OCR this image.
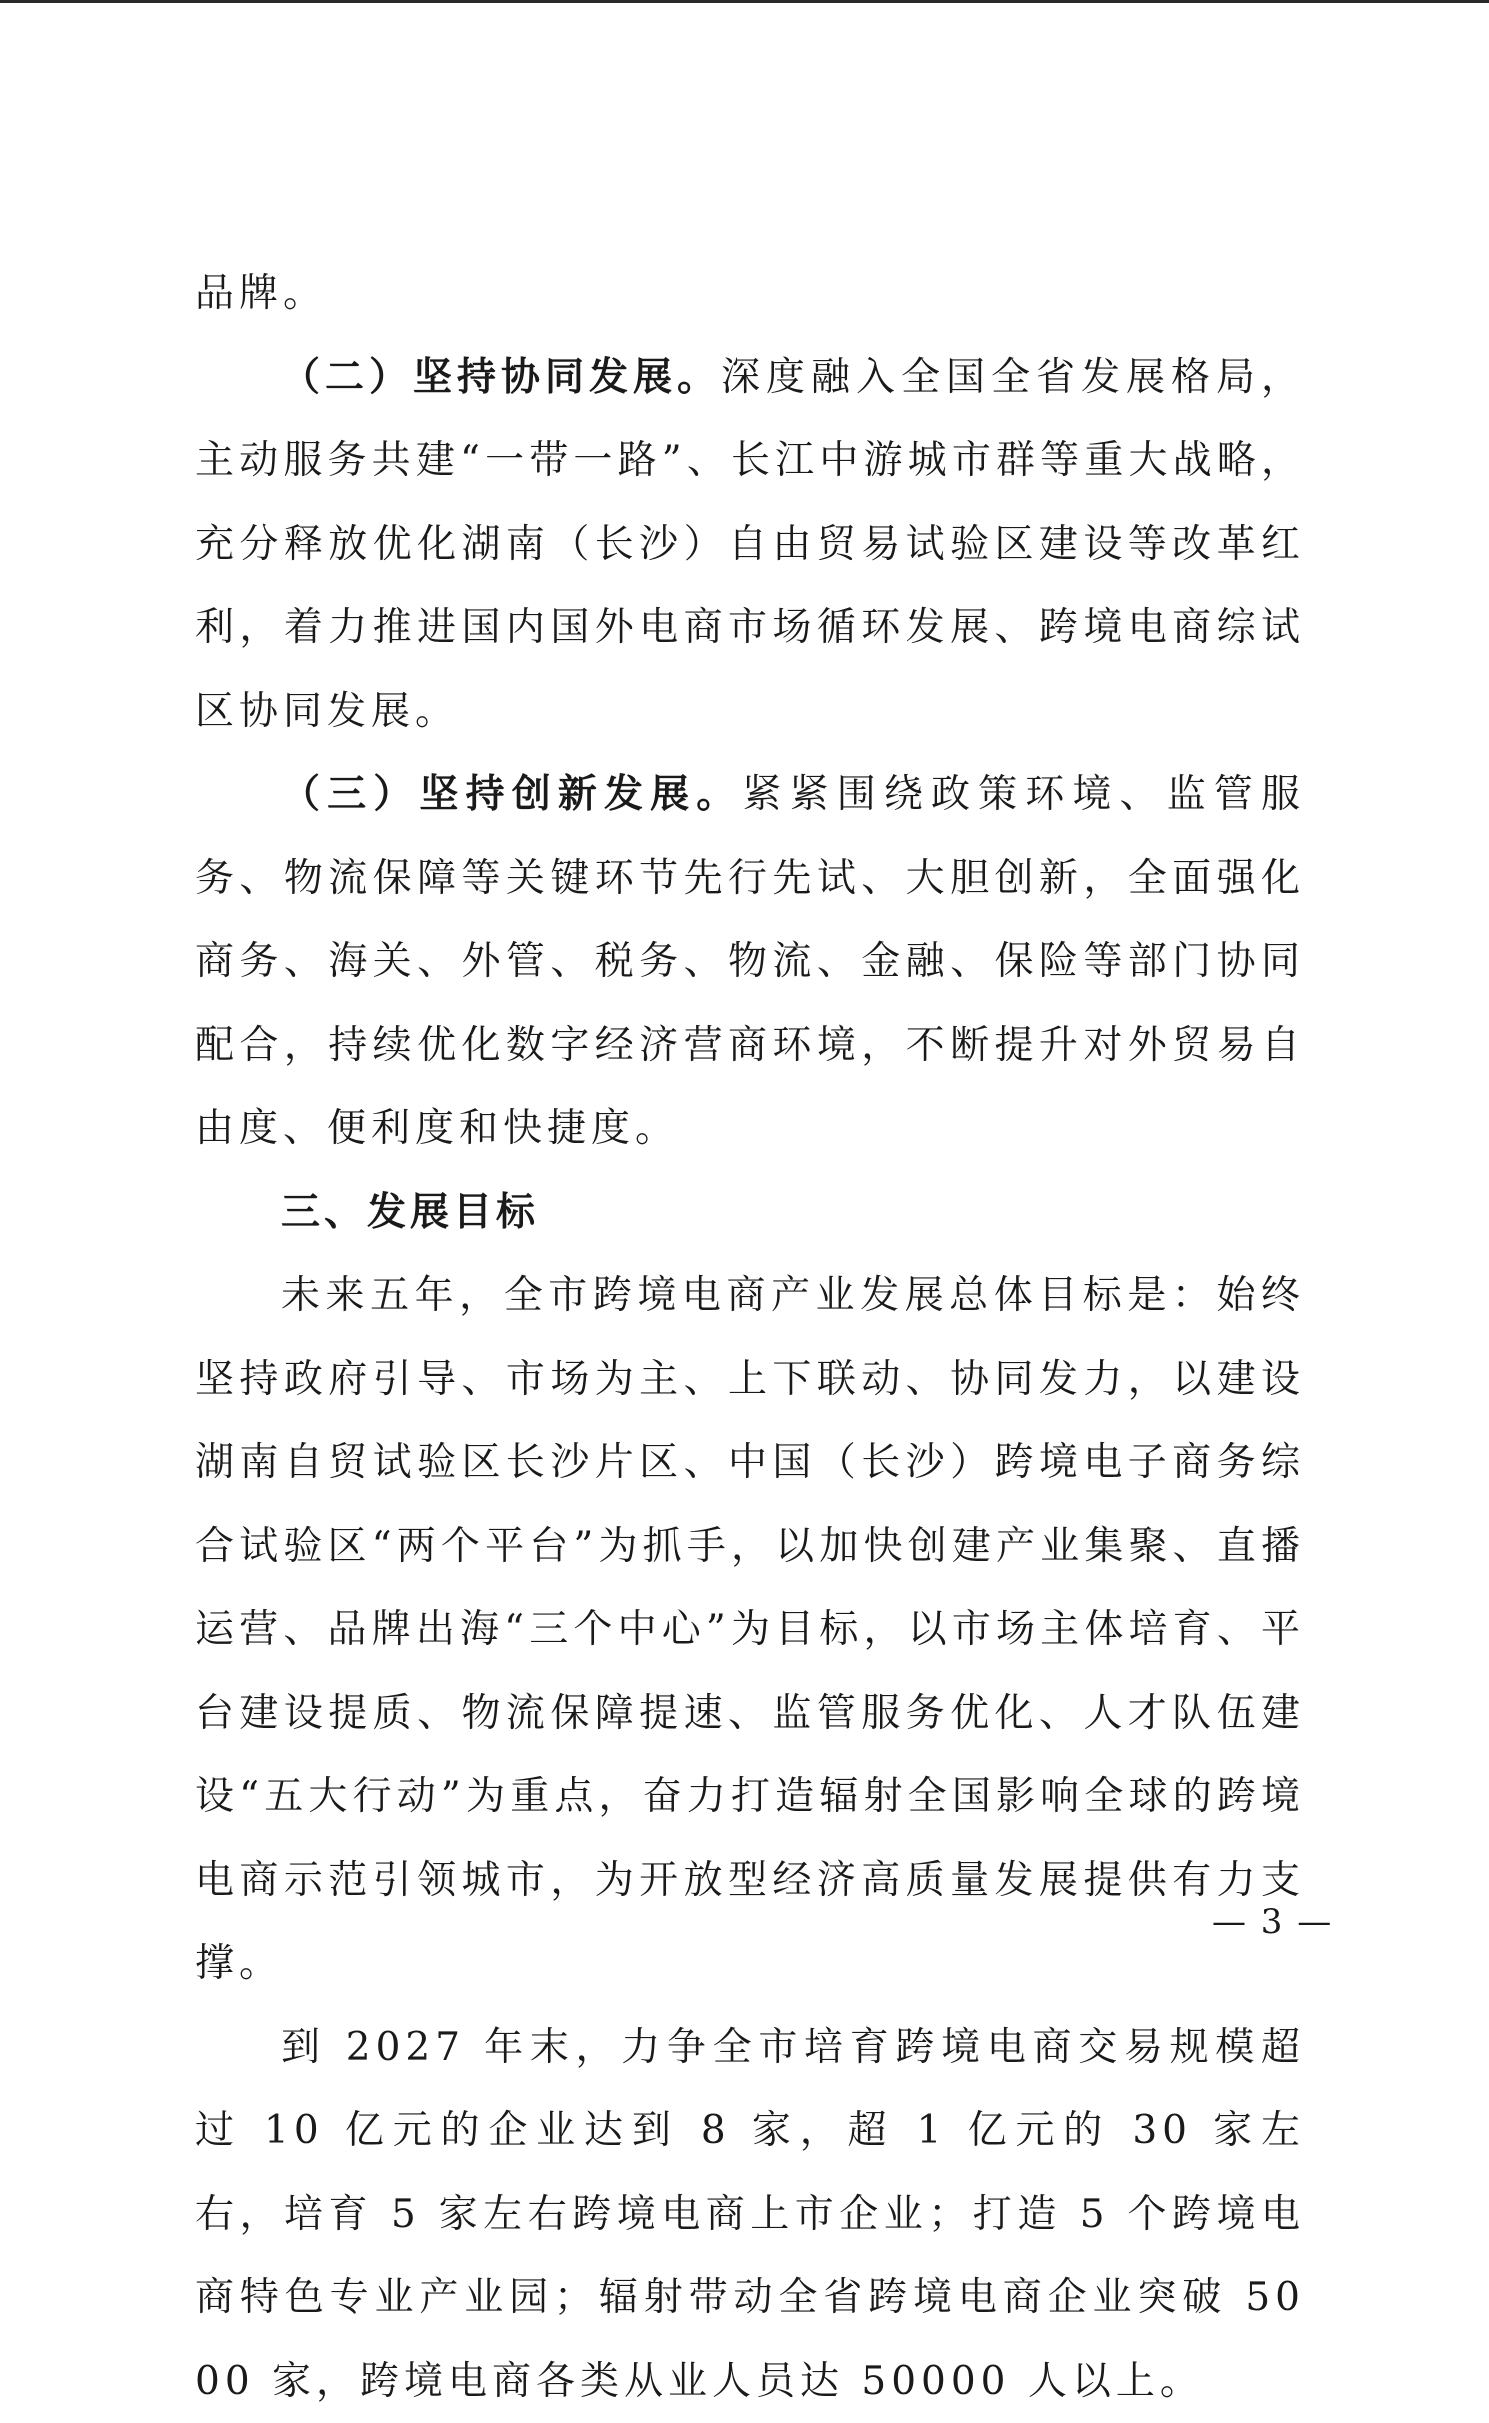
品牌。

（二）坚持协同发展。深度融入全国全省发展格局，主动服务共建“一带一路”、长江中游城市群等重大战略，充分释放优化湖南（长沙）自由贸易试验区建设等改革红利，着力推进国内国外电商市场循环发展、跨境电商综试区协同发展。

（三）坚持创新发展。紧紧围绕政策环境、监管服务、物流保障等关键环节先行先试、大胆创新，全面强化商务、海关、外管、税务、物流、金融、保险等部门协同配合，持续优化数字经济营商环境，不断提升对外贸易自由度、便利度和快捷度。

三、发展目标

未来五年，全市跨境电商产业发展总体目标是：始终坚持政府引导、市场为主、上下联动、协同发力，以建设湖南自贸试验区长沙片区、中国（长沙）跨境电子商务综合试验区“两个平台”为抓手，以加快创建产业集聚、直播运营、品牌出海“三个中心”为目标，以市场主体培育、平台建设提质、物流保障提速、监管服务优化、人才队伍建设“五大行动”为重点，奋力打造辐射全国影响全球的跨境电商示范引领城市，为开放型经济高质量发展提供有力支撑。

到 2027 年末，力争全市培育跨境电商交易规模超过 10 亿元的企业达到 8 家，超 1 亿元的 30 家左右，培育 5 家左右跨境电商上市企业；打造 5 个跨境电商特色专业产业园；辐射带动全省跨境电商企业突破 5000 家，跨境电商各类从业人员达 50000 人以上。

— 3 —
